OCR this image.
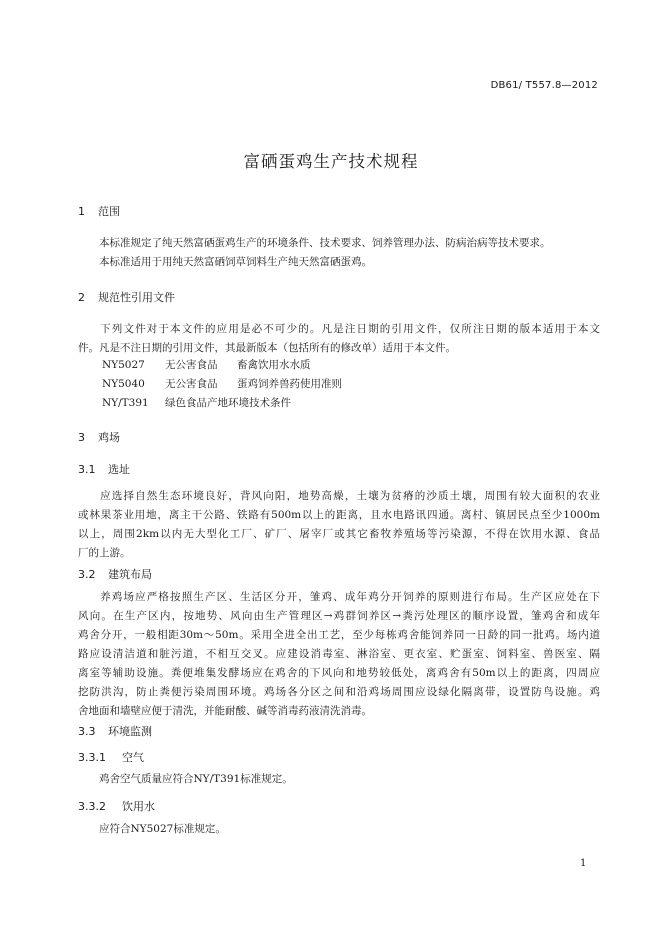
DB61/ T557.8—2012
富硒蛋鸡生产技术规程
1 范围
本标准规定了纯天然富硒蛋鸡生产的环境条件、技术要求、饲养管理办法、防病治病等技术要求。
本标准适用于用纯天然富硒饲草饲料生产纯天然富硒蛋鸡。
2 规范性引用文件
下列文件对于本文件的应用是必不可少的。凡是注日期的引用文件，仅所注日期的版本适用于本文
件。凡是不注日期的引用文件，其最新版本（包括所有的修改单）适用于本文件。
NY5027 无公害食品 畜禽饮用水水质
NY5040 无公害食品 蛋鸡饲养兽药使用准则
NY/T391 绿色食品产地环境技术条件
3 鸡场
3.1 选址
应选择自然生态环境良好，背风向阳，地势高燥，土壤为贫瘠的沙质土壤，周围有较大面积的农业
或林果茶业用地，离主干公路、铁路有500m以上的距离，且水电路讯四通。离村、镇居民点至少1000m
以上，周围2km以内无大型化工厂、矿厂、屠宰厂或其它畜牧养殖场等污染源，不得在饮用水源、食品
厂的上游。
3.2 建筑布局
养鸡场应严格按照生产区、生活区分开，雏鸡、成年鸡分开饲养的原则进行布局。生产区应处在下
风向。在生产区内，按地势、风向由生产管理区→鸡群饲养区→粪污处理区的顺序设置，雏鸡舍和成年
鸡舍分开，一般相距30m～50m。采用全进全出工艺，至少每栋鸡舍能饲养同一日龄的同一批鸡。场内道
路应设清洁道和脏污道，不相互交叉。应建设消毒室、淋浴室、更衣室、贮蛋室、饲料室、兽医室、隔
离室等辅助设施。粪便堆集发酵场应在鸡舍的下风向和地势较低处，离鸡舍有50m以上的距离，四周应
挖防洪沟，防止粪便污染周围环境。鸡场各分区之间和沿鸡场周围应设绿化隔离带，设置防鸟设施。鸡
舍地面和墙壁应便于清洗，并能耐酸、碱等消毒药液清洗消毒。
3.3 环境监测
3.3.1 空气
鸡舍空气质量应符合NY/T391标准规定。
3.3.2 饮用水
应符合NY5027标准规定。
1
